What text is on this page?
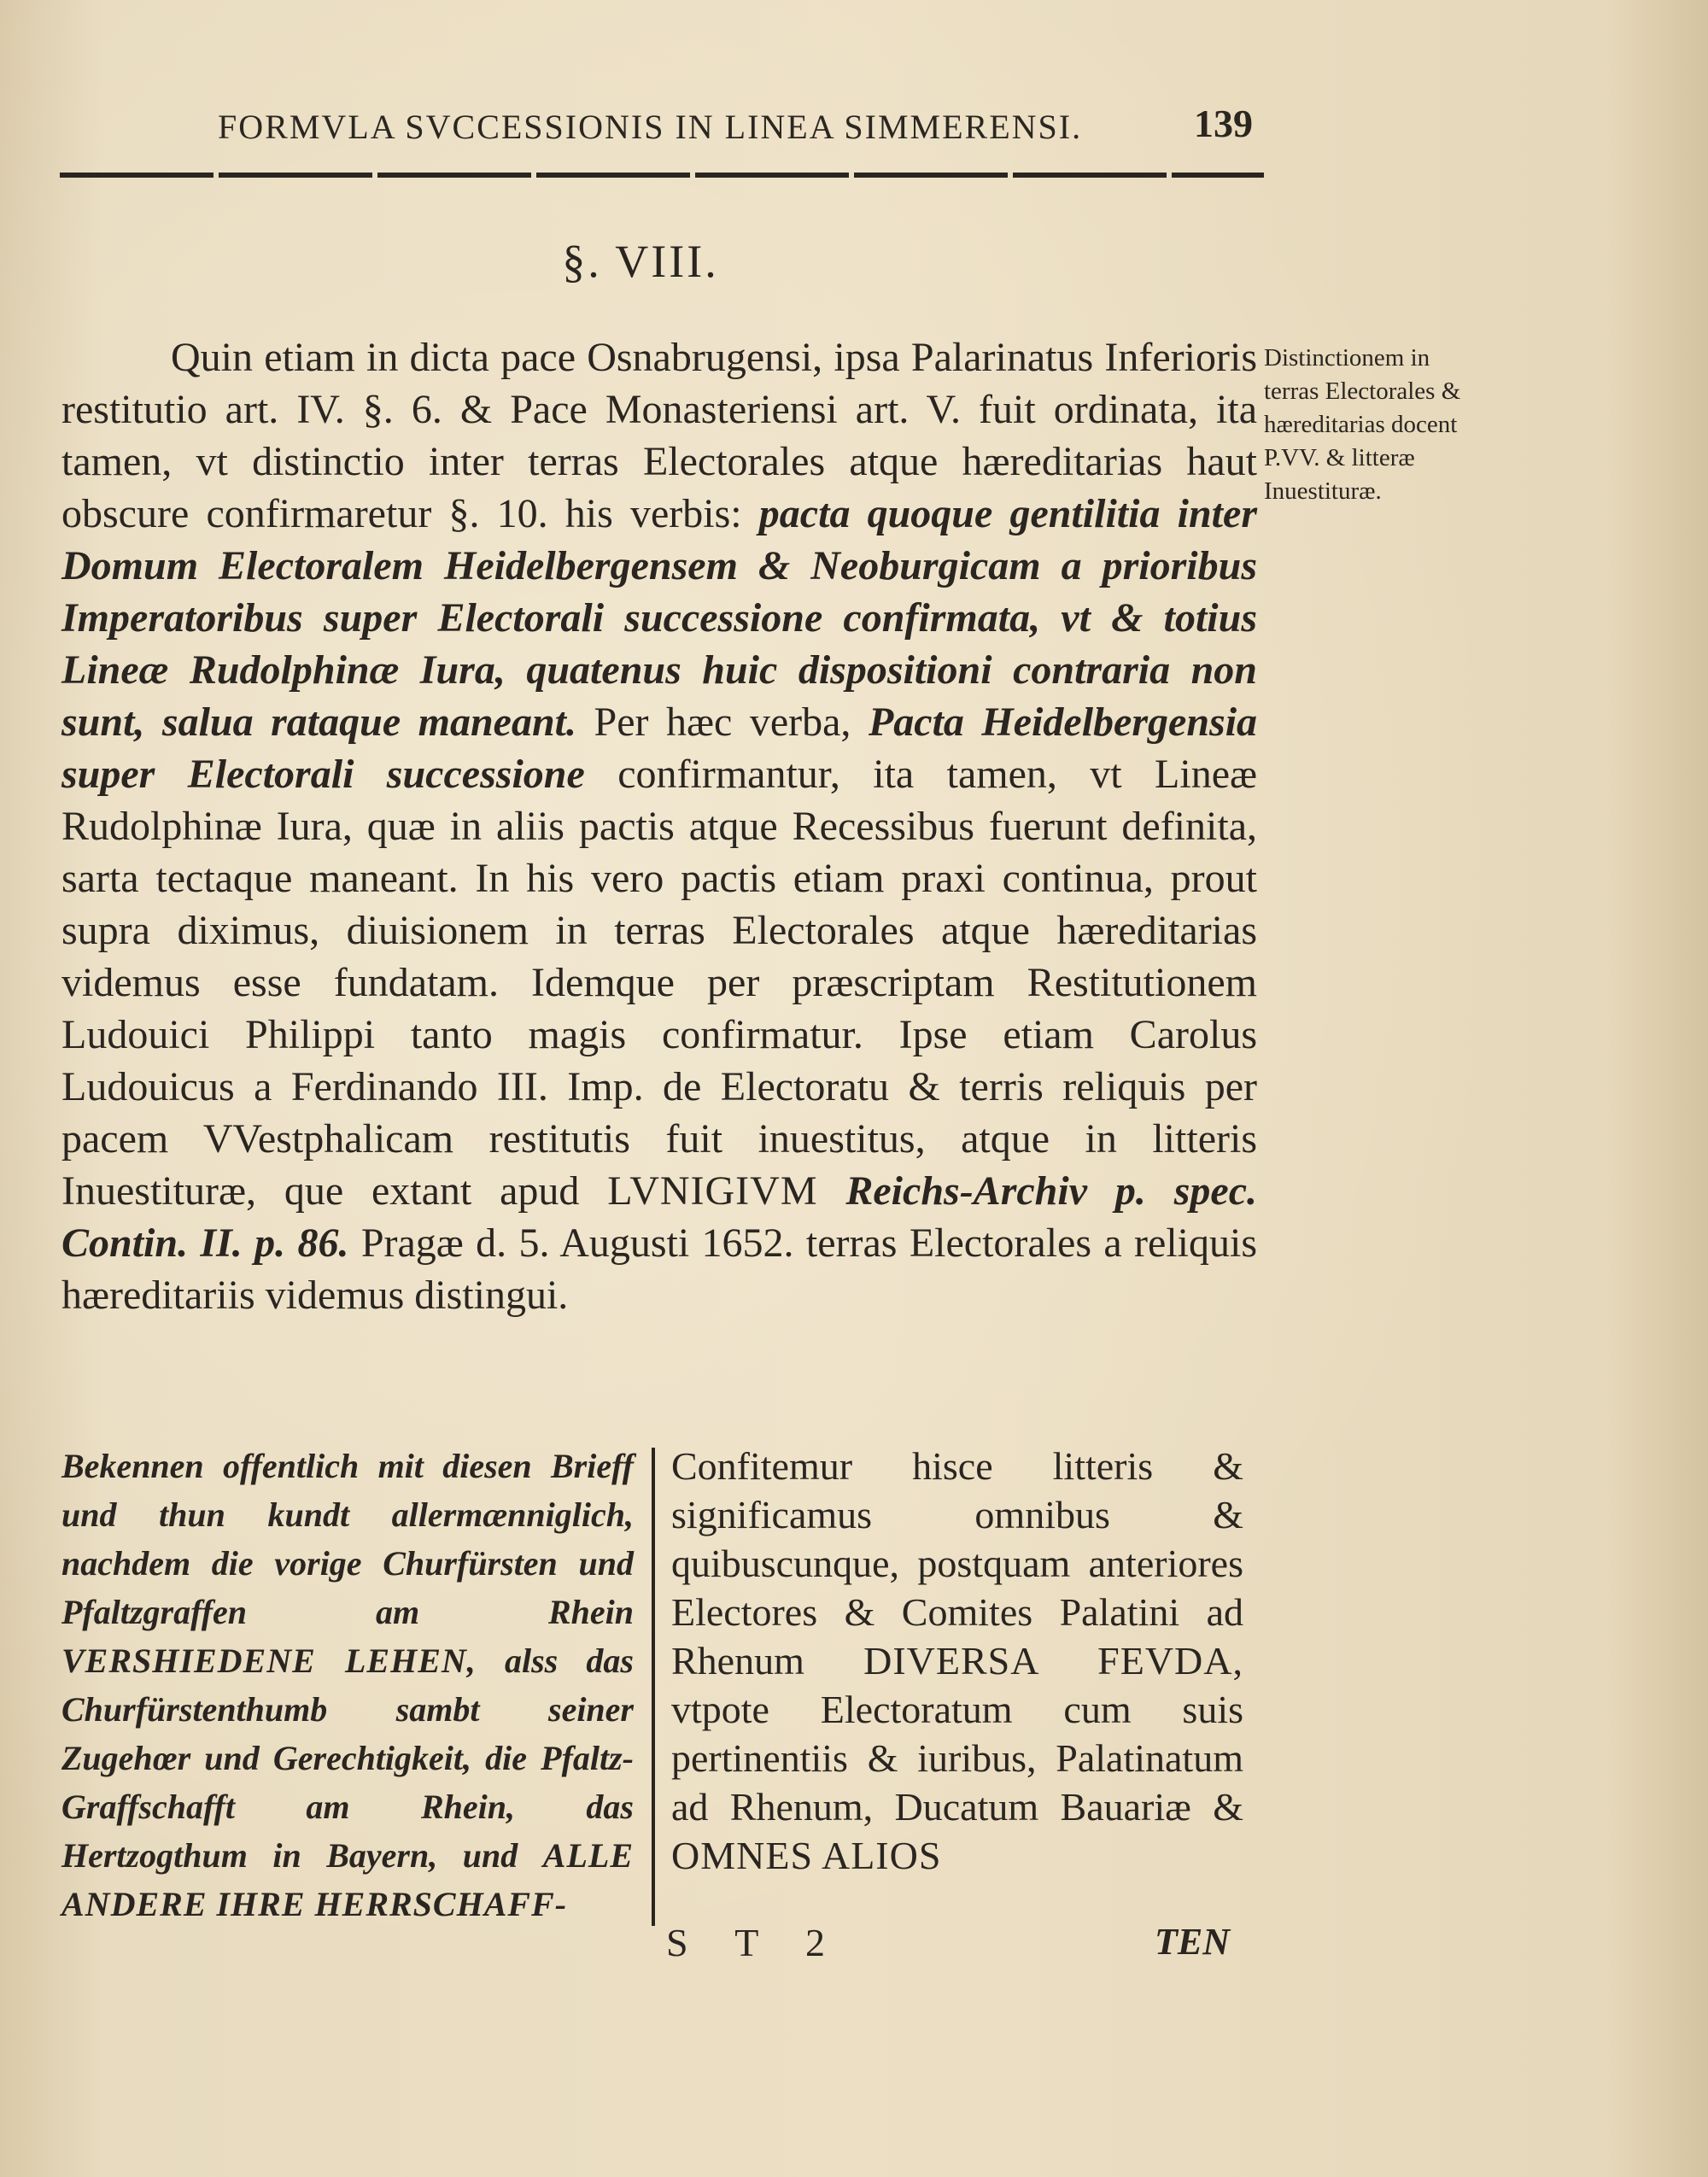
FORMVLA SVCCESSIONIS IN LINEA SIMMERENSI.	139
§. VIII.
Quin etiam in dicta pace Osnabrugensi, ipsa Palarinatus Inferioris restitutio art. IV. §. 6. & Pace Monasteriensi art. V. fuit ordinata, ita tamen, vt distinctio inter terras Electorales atque hæreditarias haut obscure confirmaretur §. 10. his verbis: pacta quoque gentilitia inter Domum Electoralem Heidelbergensem & Neoburgicam a prioribus Imperatoribus super Electorali successione confirmata, vt & totius Lineæ Rudolphinæ Iura, quatenus huic dispositioni contraria non sunt, salua rataque maneant. Per hæc verba, Pacta Heidelbergensia super Electorali successione confirmantur, ita tamen, vt Lineæ Rudolphinæ Iura, quæ in aliis pactis atque Recessibus fuerunt definita, sarta tectaque maneant. In his vero pactis etiam praxi continua, prout supra diximus, diuisionem in terras Electorales atque hæreditarias videmus esse fundatam. Idemque per præscriptam Restitutionem Ludouici Philippi tanto magis confirmatur. Ipse etiam Carolus Ludouicus a Ferdinando III. Imp. de Electoratu & terris reliquis per pacem VVestphalicam restitutis fuit inuestitus, atque in litteris Inuestituræ, que extant apud LVNIGIVM Reichs-Archiv p. spec. Contin. II. p. 86. Pragæ d. 5. Augusti 1652. terras Electorales a reliquis hæreditariis videmus distingui.
Distinctionem in terras Electorales & hæreditarias docent P.VV. & litteræ Inuestituræ.
Bekennen offentlich mit diesen Brieff und thun kundt allermænniglich, nachdem die vorige Churfürsten und Pfaltzgraffen am Rhein VERSHIEDENE LEHEN, alss das Churfürstenthumb sambt seiner Zugehœr und Gerechtigkeit, die Pfaltz-Graffschafft am Rhein, das Hertzogthum in Bayern, und ALLE ANDERE IHRE HERRSCHAFF-
Confitemur hisce litteris & significamus omnibus & quibuscunque, postquam anteriores Electores & Comites Palatini ad Rhenum DIVERSA FEVDA, vtpote Electoratum cum suis pertinentiis & iuribus, Palatinatum ad Rhenum, Ducatum Bauariæ & OMNES ALIOS
S T 2	TEN
